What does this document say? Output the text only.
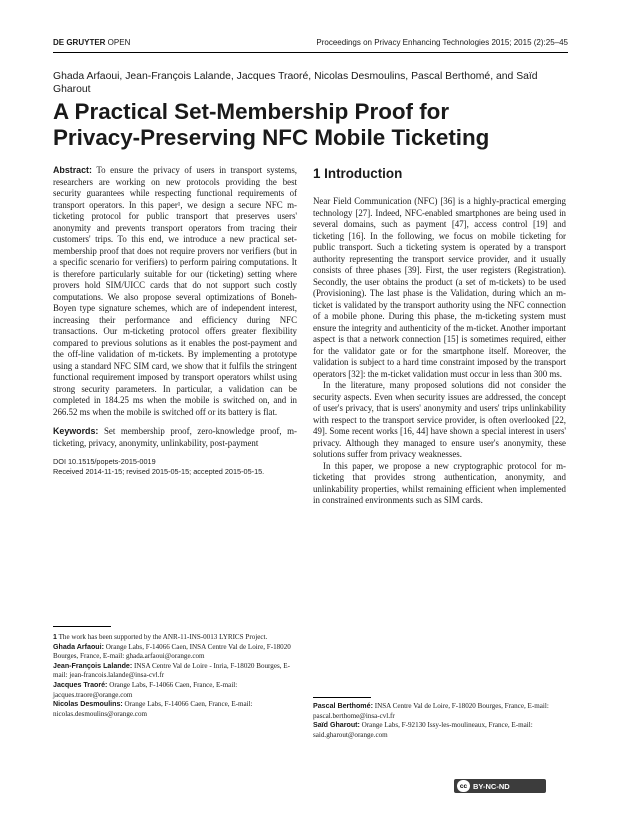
DE GRUYTER OPEN	Proceedings on Privacy Enhancing Technologies 2015; 2015 (2):25–45
Ghada Arfaoui, Jean-François Lalande, Jacques Traoré, Nicolas Desmoulins, Pascal Berthomé, and Saïd Gharout
A Practical Set-Membership Proof for
Privacy-Preserving NFC Mobile Ticketing

Abstract: To ensure the privacy of users in transport systems, researchers are working on new protocols providing the best security guarantees while respecting functional requirements of transport operators. In this paper¹, we design a secure NFC m-ticketing protocol for public transport that preserves users' anonymity and prevents transport operators from tracing their customers' trips. To this end, we introduce a new practical set-membership proof that does not require provers nor verifiers (but in a specific scenario for verifiers) to perform pairing computations. It is therefore particularly suitable for our (ticketing) setting where provers hold SIM/UICC cards that do not support such costly computations. We also propose several optimizations of Boneh-Boyen type signature schemes, which are of independent interest, increasing their performance and efficiency during NFC transactions. Our m-ticketing protocol offers greater flexibility compared to previous solutions as it enables the post-payment and the off-line validation of m-tickets. By implementing a prototype using a standard NFC SIM card, we show that it fulfils the stringent functional requirement imposed by transport operators whilst using strong security parameters. In particular, a validation can be completed in 184.25 ms when the mobile is switched on, and in 266.52 ms when the mobile is switched off or its battery is flat.

Keywords: Set membership proof, zero-knowledge proof, m-ticketing, privacy, anonymity, unlinkability, post-payment

DOI 10.1515/popets-2015-0019
Received 2014-11-15; revised 2015-05-15; accepted 2015-05-15.

1 The work has been supported by the ANR-11-INS-0013 LYRICS Project.

Ghada Arfaoui: Orange Labs, F-14066 Caen, INSA Centre Val de Loire, F-18020 Bourges, France, E-mail: ghada.arfaoui@orange.com

Jean-François Lalande: INSA Centre Val de Loire - Inria, F-18020 Bourges, E-mail: jean-francois.lalande@insa-cvl.fr

Jacques Traoré: Orange Labs, F-14066 Caen, France, E-mail: jacques.traore@orange.com

Nicolas Desmoulins: Orange Labs, F-14066 Caen, France, E-mail: nicolas.desmoulins@orange.com

1 Introduction

Near Field Communication (NFC) [36] is a highly-practical emerging technology [27]. Indeed, NFC-enabled smartphones are being used in several domains, such as payment [47], access control [19] and ticketing [16]. In the following, we focus on mobile ticketing for public transport. Such a ticketing system is operated by a transport authority representing the transport service provider, and it usually consists of three phases [39]. First, the user registers (Registration). Secondly, the user obtains the product (a set of m-tickets) to be used (Provisioning). The last phase is the Validation, during which an m-ticket is validated by the transport authority using the NFC connection of a mobile phone. During this phase, the m-ticketing system must ensure the integrity and authenticity of the m-ticket. Another important aspect is that a network connection [15] is sometimes required, either for the validator gate or for the smartphone itself. Moreover, the validation is subject to a hard time constraint imposed by the transport operators [32]: the m-ticket validation must occur in less than 300 ms.

In the literature, many proposed solutions did not consider the security aspects. Even when security issues are addressed, the concept of user's privacy, that is users' anonymity and users' trips unlinkability with respect to the transport service provider, is often overlooked [22, 49]. Some recent works [16, 44] have shown a special interest in users' privacy. Although they managed to ensure user's anonymity, these solutions suffer from privacy weaknesses.

In this paper, we propose a new cryptographic protocol for m-ticketing that provides strong authentication, anonymity, and unlinkability properties, whilst remaining efficient when implemented in constrained environments such as SIM cards.

Pascal Berthomé: INSA Centre Val de Loire, F-18020 Bourges, France, E-mail: pascal.berthome@insa-cvl.fr

Saïd Gharout: Orange Labs, F-92130 Issy-les-moulineaux, France, E-mail: said.gharout@orange.com

cc BY-NC-ND
